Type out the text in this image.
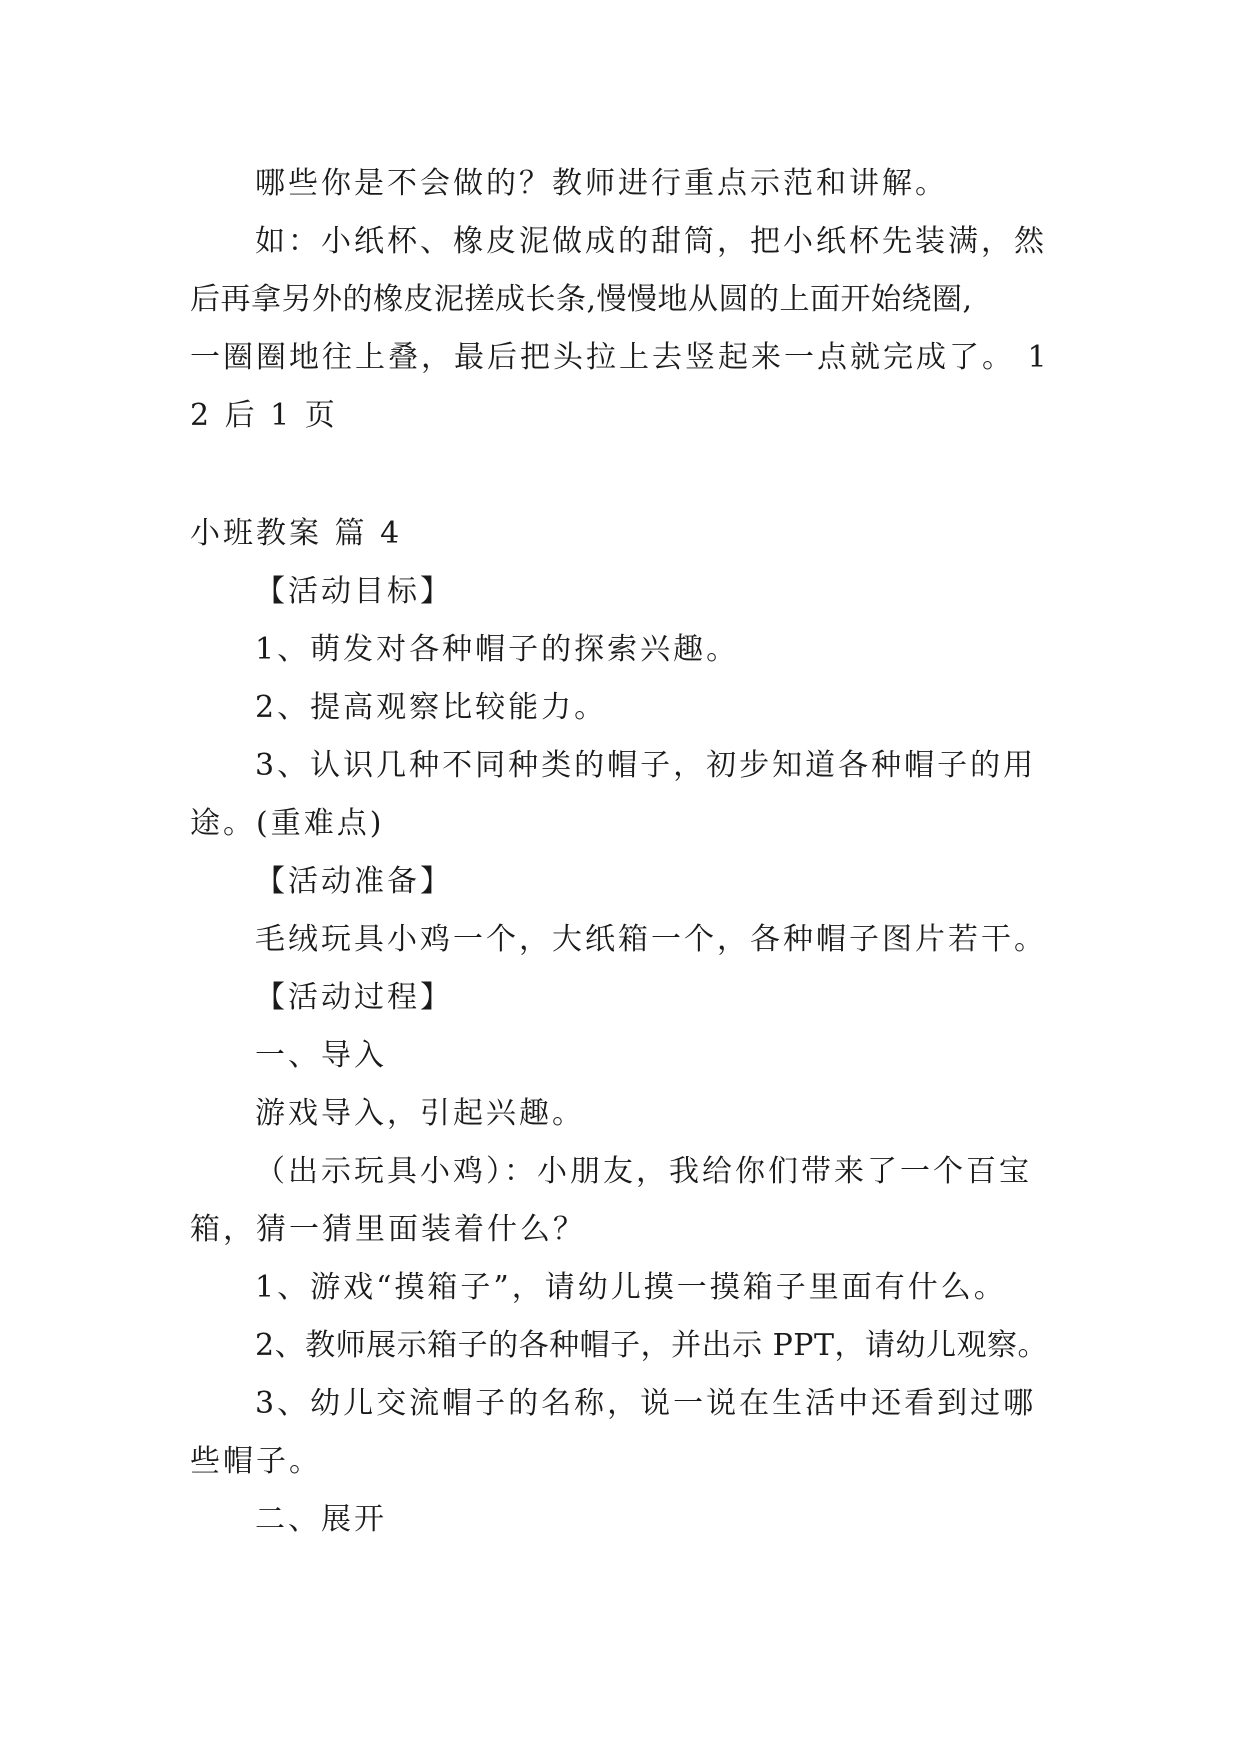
哪些你是不会做的？教师进行重点示范和讲解。
如：小纸杯、橡皮泥做成的甜筒，把小纸杯先装满，然
后再拿另外的橡皮泥搓成长条,慢慢地从圆的上面开始绕圈,
一圈圈地往上叠，最后把头拉上去竖起来一点就完成了。 1
2 后 1 页
小班教案 篇 4
【活动目标】
1、萌发对各种帽子的探索兴趣。
2、提高观察比较能力。
3、认识几种不同种类的帽子，初步知道各种帽子的用
途。(重难点)
【活动准备】
毛绒玩具小鸡一个，大纸箱一个，各种帽子图片若干。
【活动过程】
一、导入
游戏导入，引起兴趣。
（出示玩具小鸡）：小朋友，我给你们带来了一个百宝
箱，猜一猜里面装着什么？
1、游戏“摸箱子”，请幼儿摸一摸箱子里面有什么。
2、教师展示箱子的各种帽子，并出示 PPT，请幼儿观察。
3、幼儿交流帽子的名称，说一说在生活中还看到过哪
些帽子。
二、展开
